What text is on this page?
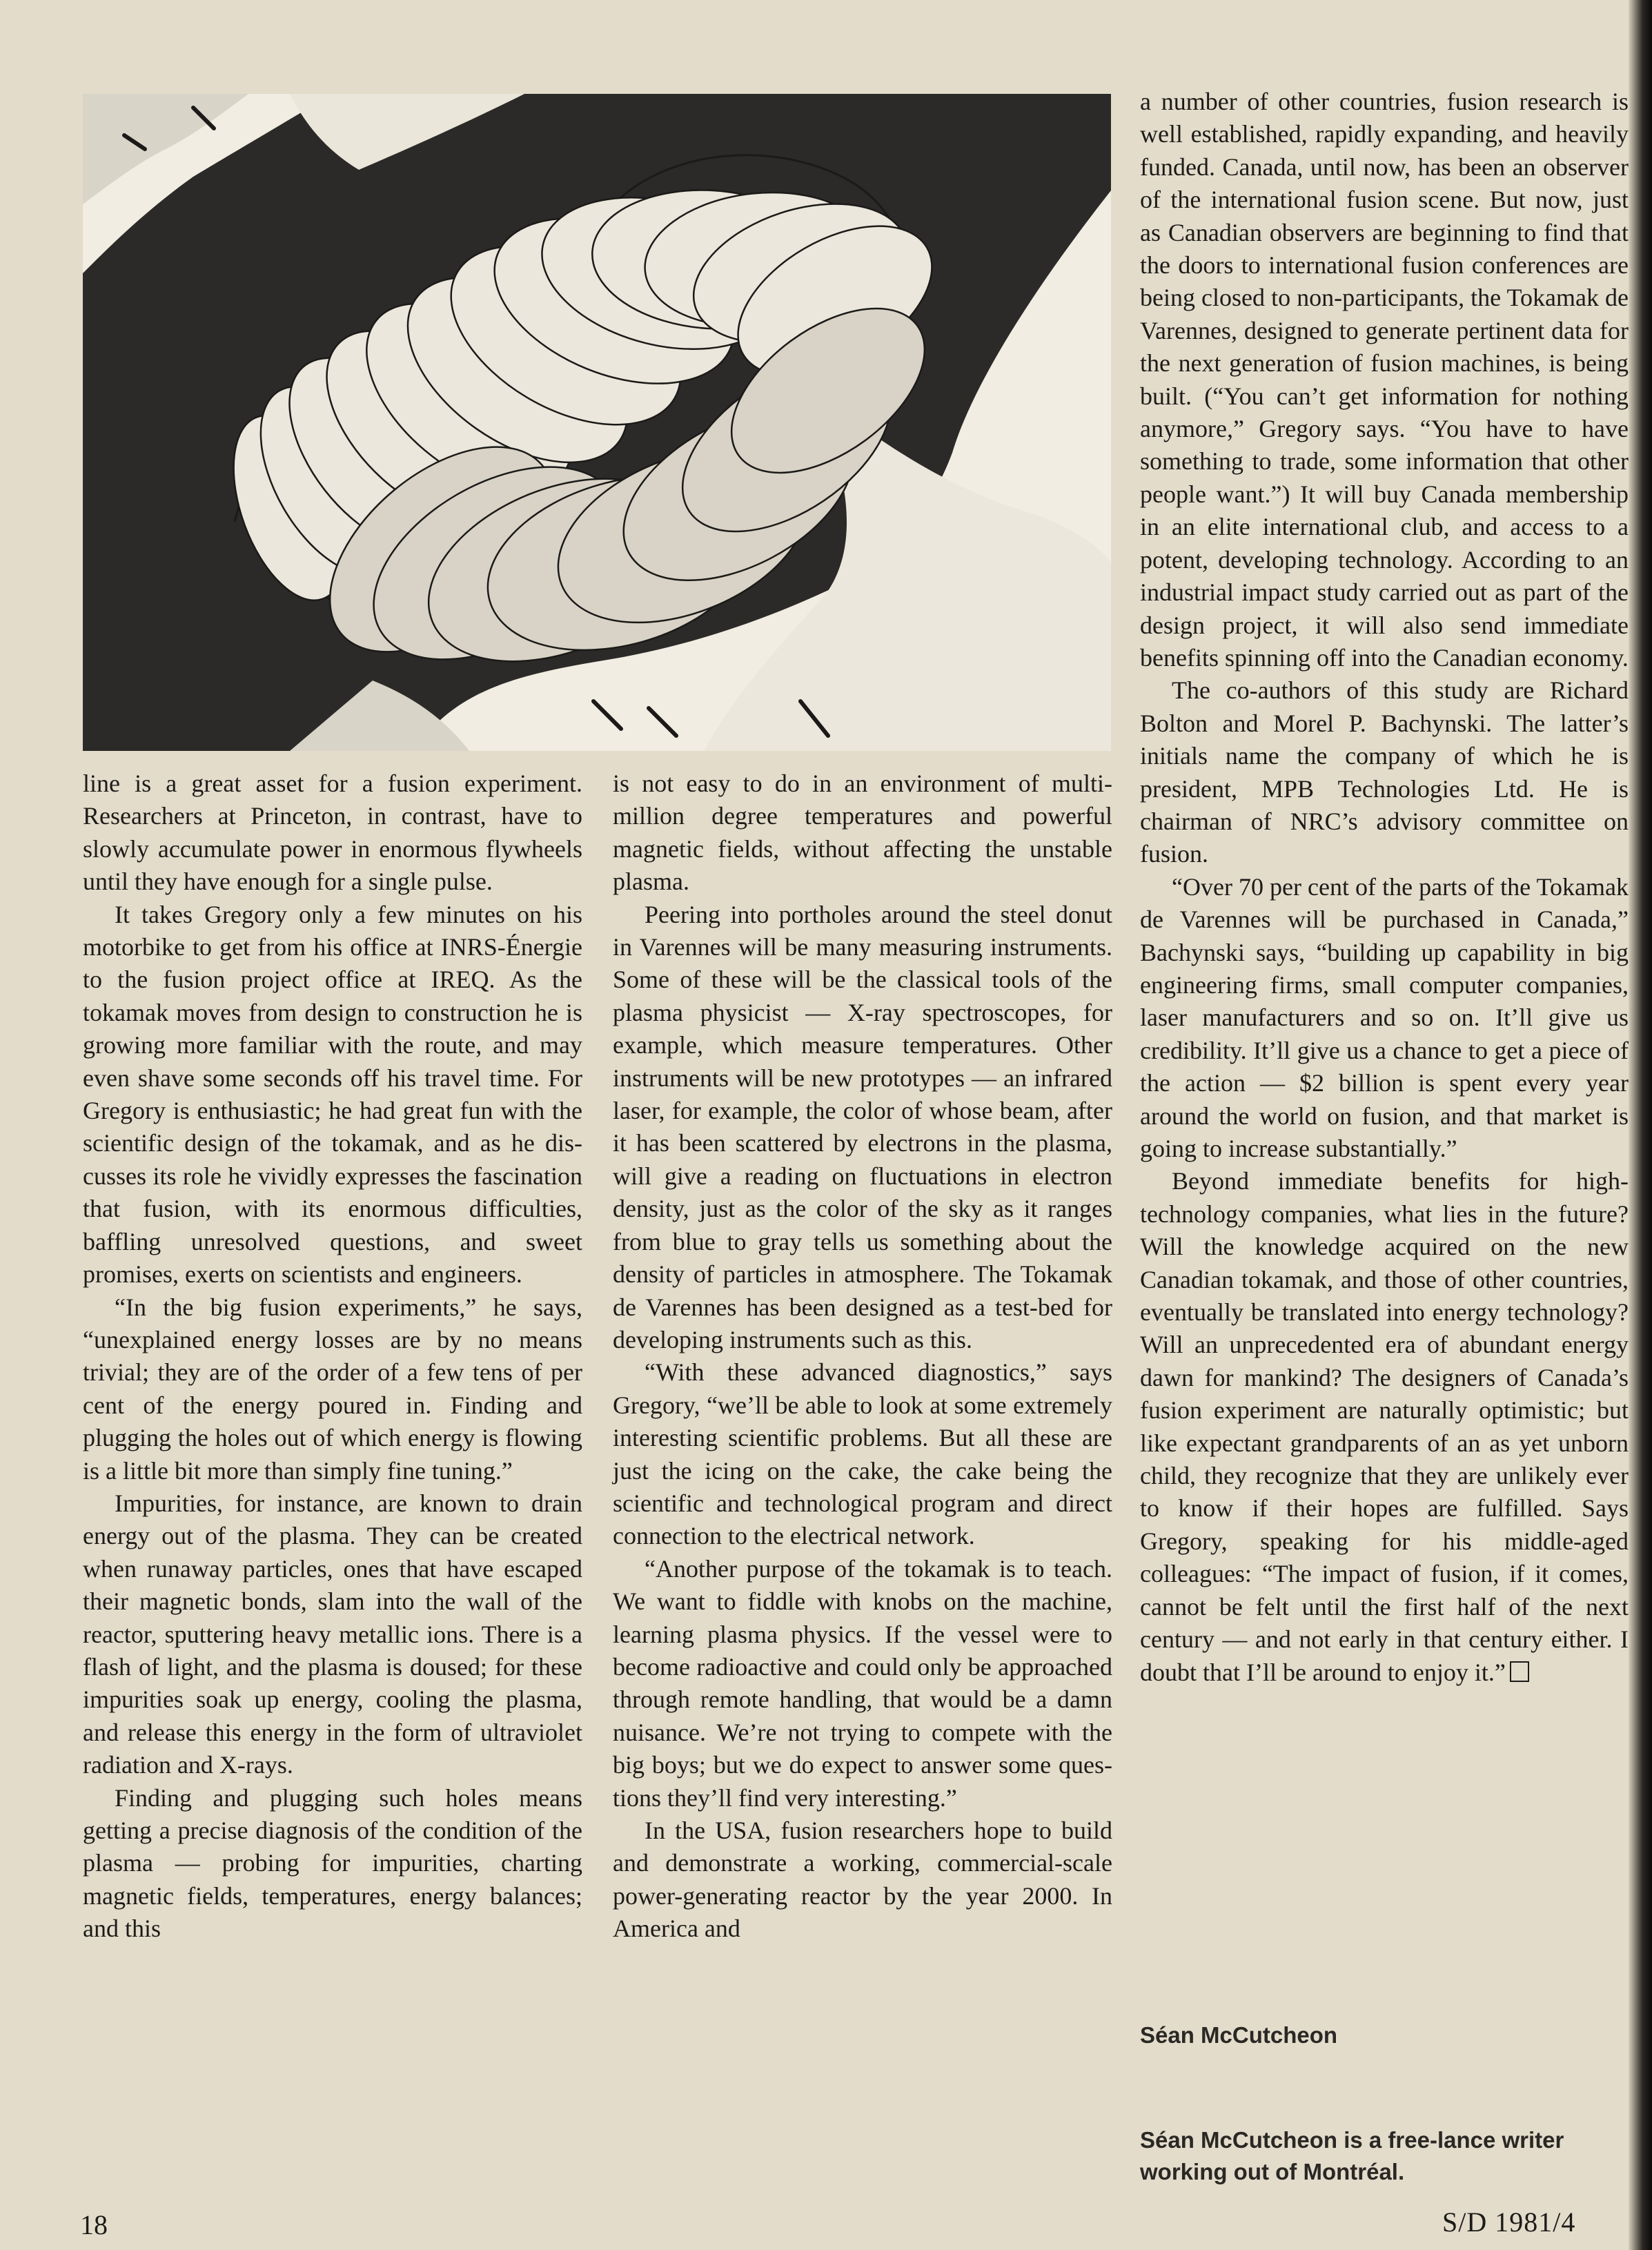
line is a great asset for a fusion experiment. Researchers at Princeton, in contrast, have to slowly accumulate power in enormous flywheels until they have enough for a single pulse.

It takes Gregory only a few minutes on his motorbike to get from his office at INRS-Énergie to the fusion project office at IREQ. As the tokamak moves from design to construction he is growing more familiar with the route, and may even shave some seconds off his travel time. For Gregory is enthusiastic; he had great fun with the scientific design of the tokamak, and as he discusses its role he vividly expresses the fascination that fusion, with its enormous difficulties, baffling unresolved questions, and sweet promises, exerts on scientists and engineers.

“In the big fusion experiments,” he says, “unexplained energy losses are by no means trivial; they are of the order of a few tens of per cent of the energy poured in. Finding and plugging the holes out of which energy is flowing is a little bit more than simply fine tuning.”

Impurities, for instance, are known to drain energy out of the plasma. They can be created when runaway particles, ones that have escaped their magnetic bonds, slam into the wall of the reactor, sputtering heavy metallic ions. There is a flash of light, and the plasma is doused; for these impurities soak up energy, cooling the plasma, and release this energy in the form of ultraviolet radiation and X-rays.

Finding and plugging such holes means getting a precise diagnosis of the condition of the plasma — probing for impurities, charting magnetic fields, temperatures, energy balances; and this

is not easy to do in an environment of multi-million degree temperatures and powerful magnetic fields, without affecting the unstable plasma.

Peering into portholes around the steel donut in Varennes will be many measuring instruments. Some of these will be the classical tools of the plasma physicist — X-ray spectroscopes, for example, which measure temperatures. Other instruments will be new prototypes — an infrared laser, for example, the color of whose beam, after it has been scattered by electrons in the plasma, will give a reading on fluctuations in electron density, just as the color of the sky as it ranges from blue to gray tells us something about the density of particles in atmosphere. The Tokamak de Varennes has been designed as a test-bed for developing instruments such as this.

“With these advanced diagnostics,” says Gregory, “we’ll be able to look at some extremely interesting scientific problems. But all these are just the icing on the cake, the cake being the scientific and technological program and direct connection to the electrical network.

“Another purpose of the tokamak is to teach. We want to fiddle with knobs on the machine, learning plasma physics. If the vessel were to become radioactive and could only be approached through remote handling, that would be a damn nuisance. We’re not trying to compete with the big boys; but we do expect to answer some questions they’ll find very interesting.”

In the USA, fusion researchers hope to build and demonstrate a working, commercial-scale power-generating reactor by the year 2000. In America and

a number of other countries, fusion research is well established, rapidly expanding, and heavily funded. Canada, until now, has been an observer of the international fusion scene. But now, just as Canadian observers are beginning to find that the doors to international fusion conferences are being closed to non-participants, the Tokamak de Varennes, designed to generate pertinent data for the next generation of fusion machines, is being built. (“You can’t get information for nothing anymore,” Gregory says. “You have to have something to trade, some information that other people want.”) It will buy Canada membership in an elite international club, and access to a potent, developing technology. According to an industrial impact study carried out as part of the design project, it will also send immediate benefits spinning off into the Canadian economy.

The co-authors of this study are Richard Bolton and Morel P. Bachynski. The latter’s initials name the company of which he is president, MPB Technologies Ltd. He is chairman of NRC’s advisory committee on fusion.

“Over 70 per cent of the parts of the Tokamak de Varennes will be purchased in Canada,” Bachynski says, “building up capability in big engineering firms, small computer companies, laser manufacturers and so on. It’ll give us credibility. It’ll give us a chance to get a piece of the action — $2 billion is spent every year around the world on fusion, and that market is going to increase substantially.”

Beyond immediate benefits for high-technology companies, what lies in the future? Will the knowledge acquired on the new Canadian tokamak, and those of other countries, eventually be translated into energy technology? Will an unprecedented era of abundant energy dawn for mankind? The designers of Canada’s fusion experiment are naturally optimistic; but like expectant grandparents of an as yet unborn child, they recognize that they are unlikely ever to know if their hopes are fulfilled. Says Gregory, speaking for his middle-aged colleagues: “The impact of fusion, if it comes, cannot be felt until the first half of the next century — and not early in that century either. I doubt that I’ll be around to enjoy it.”

Séan McCutcheon
Séan McCutcheon is a free-lance writer working out of Montréal.
18	S/D 1981/4
